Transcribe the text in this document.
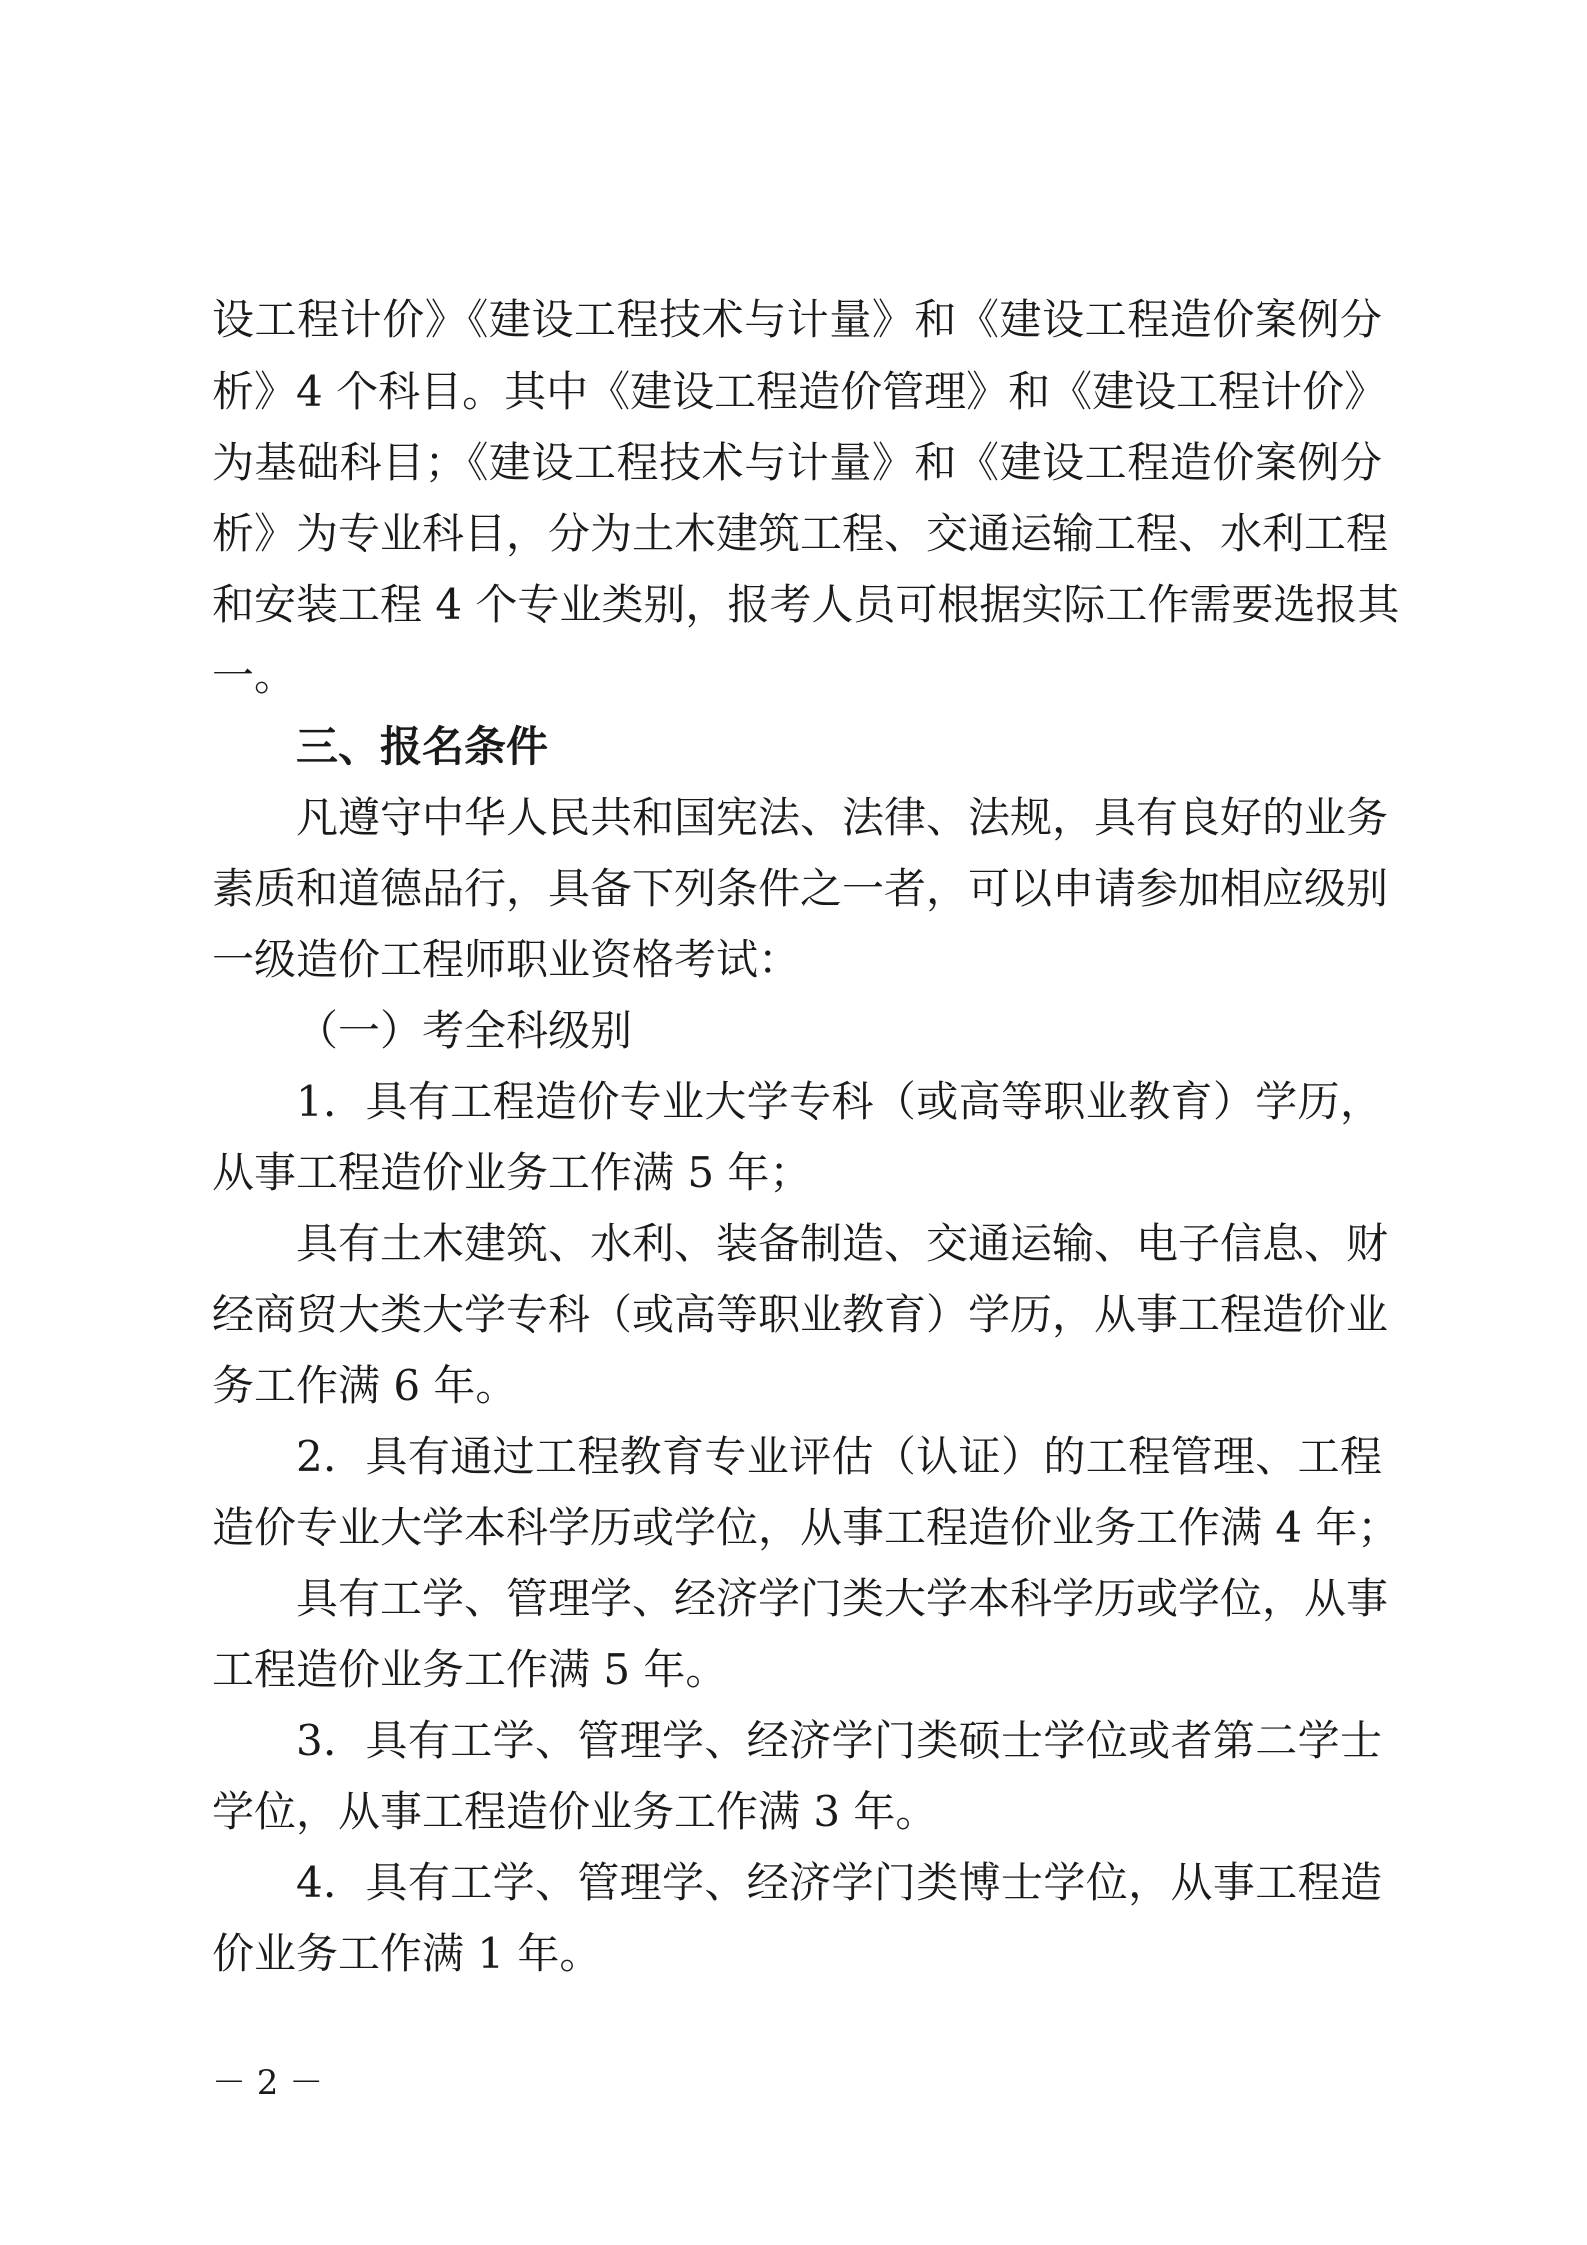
设工程计价》《建设工程技术与计量》和《建设工程造价案例分
析》4 个科目。其中《建设工程造价管理》和《建设工程计价》
为基础科目；《建设工程技术与计量》和《建设工程造价案例分
析》为专业科目，分为土木建筑工程、交通运输工程、水利工程
和安装工程 4 个专业类别，报考人员可根据实际工作需要选报其
一。
三、报名条件
凡遵守中华人民共和国宪法、法律、法规，具有良好的业务
素质和道德品行，具备下列条件之一者，可以申请参加相应级别
一级造价工程师职业资格考试：
（一）考全科级别
1．具有工程造价专业大学专科（或高等职业教育）学历，
从事工程造价业务工作满 5 年；
具有土木建筑、水利、装备制造、交通运输、电子信息、财
经商贸大类大学专科（或高等职业教育）学历，从事工程造价业
务工作满 6 年。
2．具有通过工程教育专业评估（认证）的工程管理、工程
造价专业大学本科学历或学位，从事工程造价业务工作满 4 年；
具有工学、管理学、经济学门类大学本科学历或学位，从事
工程造价业务工作满 5 年。
3．具有工学、管理学、经济学门类硕士学位或者第二学士
学位，从事工程造价业务工作满 3 年。
4．具有工学、管理学、经济学门类博士学位，从事工程造
价业务工作满 1 年。
－ 2 －
